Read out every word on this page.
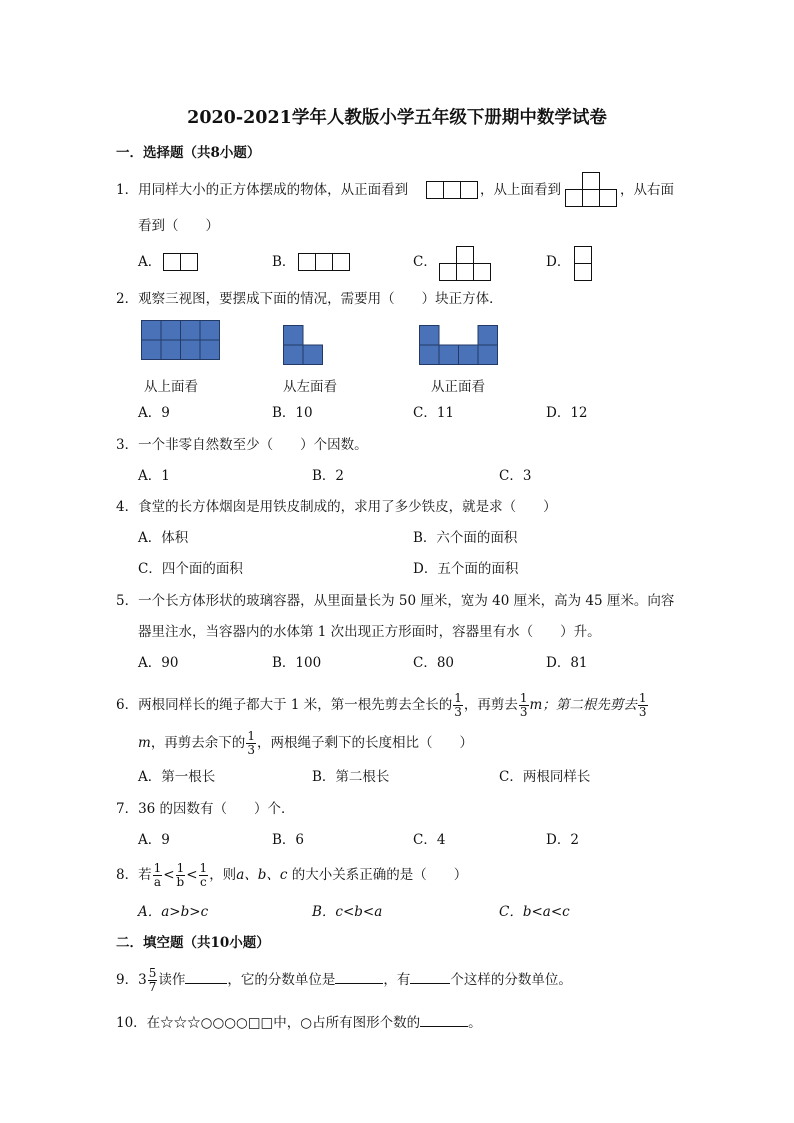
2020-2021学年人教版小学五年级下册期中数学试卷
一．选择题（共8小题）
1．用同样大小的正方体摆成的物体，从正面看到	，从上面看到	，从右面
看到（　　）
A．	B．	C．	D．
2．观察三视图，要摆成下面的情况，需要用（　　）块正方体．
从上面看	从左面看	从正面看
A．9	B．10	C．11	D．12
3．一个非零自然数至少（　　）个因数。
A．1	B．2	C．3
4．食堂的长方体烟囱是用铁皮制成的，求用了多少铁皮，就是求（　　）
A．体积	B．六个面的面积
C．四个面的面积	D．五个面的面积
5．一个长方体形状的玻璃容器，从里面量长为 50 厘米，宽为 40 厘米，高为 45 厘米。向容
器里注水，当容器内的水体第 1 次出现正方形面时，容器里有水（　　）升。
A．90	B．100	C．80	D．81
6．两根同样长的绳子都大于 1 米，第一根先剪去全长的 $\frac{1}{3}$ ，再剪去 $\frac{1}{3}$ m；第二根先剪去 $\frac{1}{3}$
m，再剪去余下的 $\frac{1}{3}$ ，两根绳子剩下的长度相比（　　）
A．第一根长	B．第二根长	C．两根同样长
7．36 的因数有（　　）个．
A．9	B．6	C．4	D．2
8．若 $\frac{1}{a} < \frac{1}{b} < \frac{1}{c}$ ，则a、b、c 的大小关系正确的是（　　）
A．a>b>c	B．c<b<a	C．b<a<c
二．填空题（共10小题）
9．$3 \frac{5}{7}$ 读作	，它的分数单位是	，有	个这样的分数单位。
10．在☆☆☆○○○○□□中，○占所有图形个数的	。
